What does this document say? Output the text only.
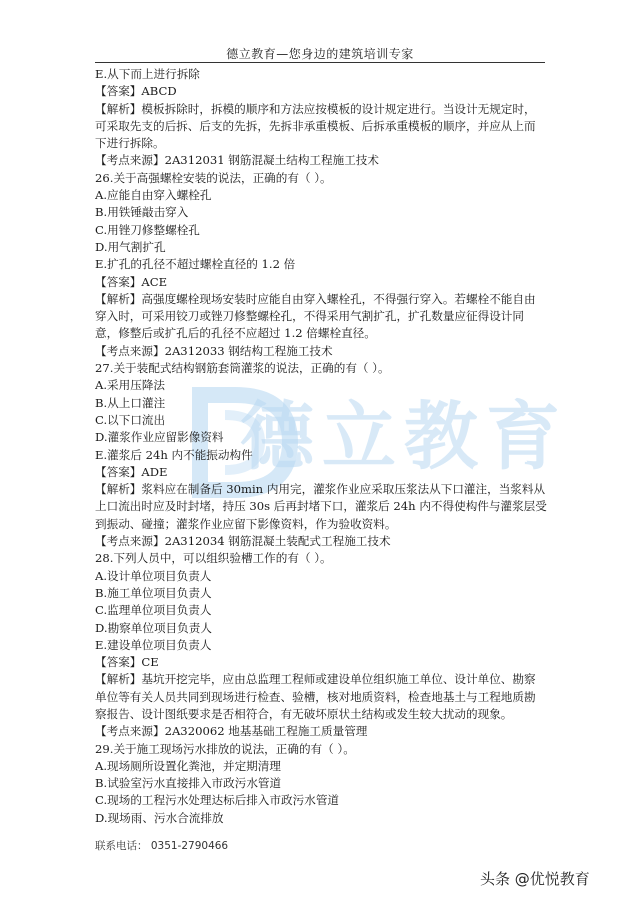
德立教育—您身边的建筑培训专家
德立教育
E.从下而上进行拆除
【答案】ABCD
【解析】模板拆除时，拆模的顺序和方法应按模板的设计规定进行。当设计无规定时，可采取先支的后拆、后支的先拆，先拆非承重模板、后拆承重模板的顺序，并应从上而下进行拆除。
【考点来源】2A312031 钢筋混凝土结构工程施工技术
26.关于高强螺栓安装的说法，正确的有（ ）。
A.应能自由穿入螺栓孔
B.用铁锤敲击穿入
C.用锉刀修整螺栓孔
D.用气割扩孔
E.扩孔的孔径不超过螺栓直径的 1.2 倍
【答案】ACE
【解析】高强度螺栓现场安装时应能自由穿入螺栓孔，不得强行穿入。若螺栓不能自由穿入时，可采用铰刀或锉刀修整螺栓孔，不得采用气割扩孔，扩孔数量应征得设计同意，修整后或扩孔后的孔径不应超过 1.2 倍螺栓直径。
【考点来源】2A312033 钢结构工程施工技术
27.关于装配式结构钢筋套筒灌浆的说法，正确的有（ ）。
A.采用压降法
B.从上口灌注
C.以下口流出
D.灌浆作业应留影像资料
E.灌浆后 24h 内不能振动构件
【答案】ADE
【解析】浆料应在制备后 30min 内用完，灌浆作业应采取压浆法从下口灌注，当浆料从上口流出时应及时封堵，持压 30s 后再封堵下口，灌浆后 24h 内不得使构件与灌浆层受到振动、碰撞；灌浆作业应留下影像资料，作为验收资料。
【考点来源】2A312034 钢筋混凝土装配式工程施工技术
28.下列人员中，可以组织验槽工作的有（ ）。
A.设计单位项目负责人
B.施工单位项目负责人
C.监理单位项目负责人
D.勘察单位项目负责人
E.建设单位项目负责人
【答案】CE
【解析】基坑开挖完毕，应由总监理工程师或建设单位组织施工单位、设计单位、勘察单位等有关人员共同到现场进行检查、验槽，核对地质资料，检查地基土与工程地质勘察报告、设计图纸要求是否相符合，有无破坏原状土结构或发生较大扰动的现象。
【考点来源】2A320062 地基基础工程施工质量管理
29.关于施工现场污水排放的说法，正确的有（ ）。
A.现场厕所设置化粪池，并定期清理
B.试验室污水直接排入市政污水管道
C.现场的工程污水处理达标后排入市政污水管道
D.现场雨、污水合流排放
联系电话： 0351-2790466
头条 @优悦教育
